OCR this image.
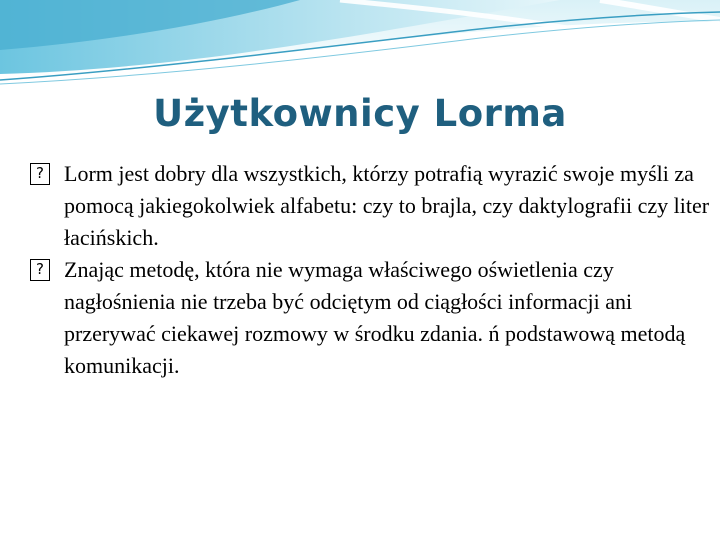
Użytkownicy Lorma
? Lorm jest dobry dla wszystkich, którzy potrafią wyrazić swoje myśli za pomocą jakiegokolwiek alfabetu: czy to brajla, czy daktylografii czy liter łacińskich.
? Znając metodę, która nie wymaga właściwego oświetlenia czy nagłośnienia nie trzeba być odciętym od ciągłości informacji ani przerywać ciekawej rozmowy w środku zdania. ń podstawową metodą komunikacji.
